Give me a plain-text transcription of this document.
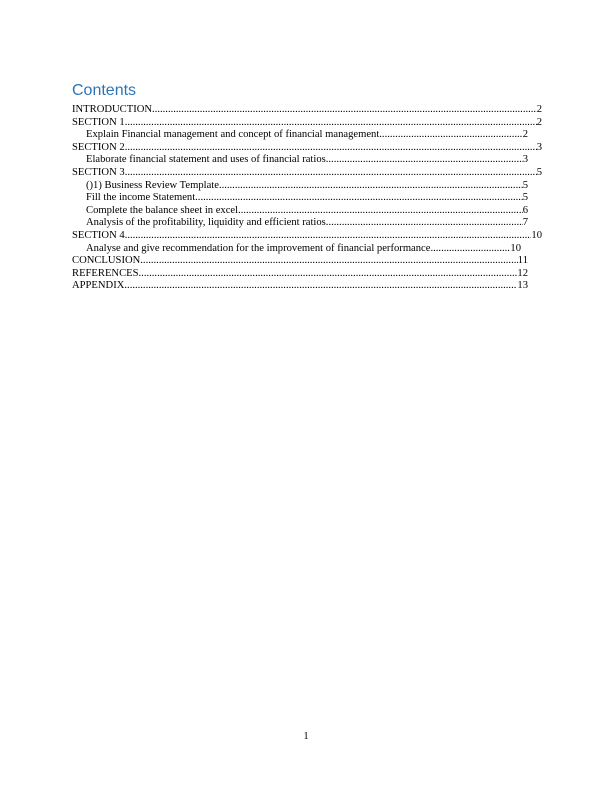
Contents
INTRODUCTION .....	2
SECTION 1 .....	2
Explain Financial management and concept of financial management .....	2
SECTION 2 .....	3
Elaborate financial statement and uses of financial ratios .....	3
SECTION 3 .....	5
()1) Business Review Template .....	5
Fill the income Statement .....	5
Complete the balance sheet in excel .....	6
Analysis of the profitability, liquidity and efficient ratios .....	7
SECTION 4 .....	10
Analyse and give recommendation for the improvement of financial performance .....	10
CONCLUSION .....	11
REFERENCES .....	12
APPENDIX .....	13
1
